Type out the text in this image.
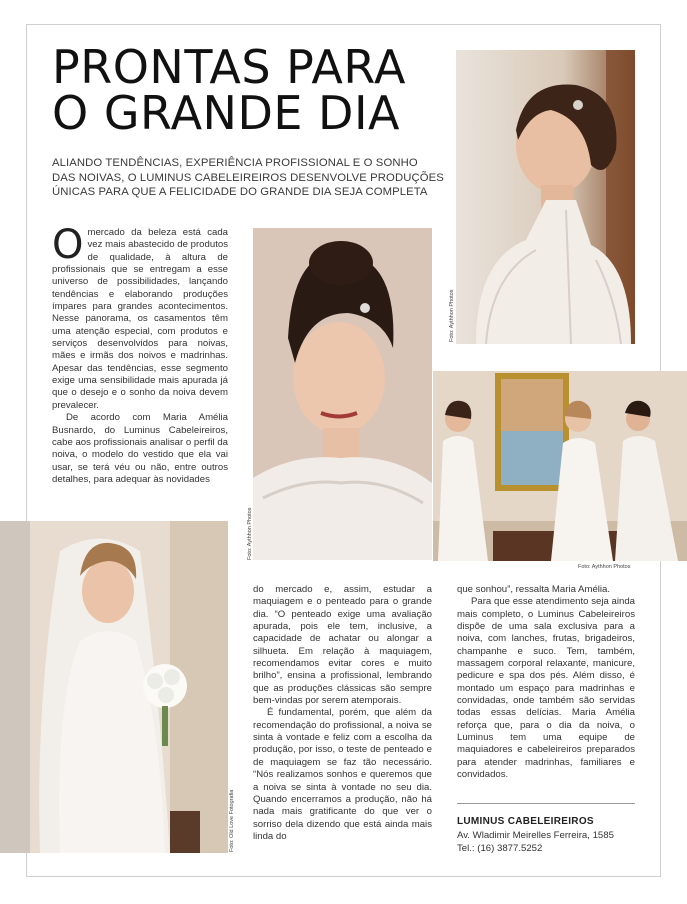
PRONTAS PARA
O GRANDE DIA

ALIANDO TENDÊNCIAS, EXPERIÊNCIA PROFISSIONAL E O SONHO
DAS NOIVAS, O LUMINUS CABELEIREIROS DESENVOLVE PRODUÇÕES
ÚNICAS PARA QUE A FELICIDADE DO GRANDE DIA SEJA COMPLETA

Foto: Aythhon Photos
Foto: Aythhon Photos
Foto: Aythhon Photos
Foto: Old Love Fotografia

Omercado da beleza está cada vez mais abastecido de produtos de qualidade, à altura de profissionais que se entregam a esse universo de possibilidades, lançando tendências e elaborando produções ímpares para grandes acontecimentos. Nesse panorama, os casamentos têm uma atenção especial, com produtos e serviços desenvolvidos para noivas, mães e irmãs dos noivos e madrinhas. Apesar das tendências, esse segmento exige uma sensibilidade mais apurada já que o desejo e o sonho da noiva devem prevalecer.

De acordo com Maria Amélia Busnardo, do Luminus Cabeleireiros, cabe aos profissionais analisar o perfil da noiva, o modelo do vestido que ela vai usar, se terá véu ou não, entre outros detalhes, para adequar às novidades

do mercado e, assim, estudar a maquiagem e o penteado para o grande dia. “O penteado exige uma avaliação apurada, pois ele tem, inclusive, a capacidade de achatar ou alongar a silhueta. Em relação à maquiagem, recomendamos evitar cores e muito brilho”, ensina a profissional, lembrando que as produções clássicas são sempre bem-vindas por serem atemporais.

É fundamental, porém, que além da recomendação do profissional, a noiva se sinta à vontade e feliz com a escolha da produção, por isso, o teste de penteado e de maquiagem se faz tão necessário. “Nós realizamos sonhos e queremos que a noiva se sinta à vontade no seu dia. Quando encerramos a produção, não há nada mais gratificante do que ver o sorriso dela dizendo que está ainda mais linda do

que sonhou”, ressalta Maria Amélia.

Para que esse atendimento seja ainda mais completo, o Luminus Cabeleireiros dispõe de uma sala exclusiva para a noiva, com lanches, frutas, brigadeiros, champanhe e suco. Tem, também, massagem corporal relaxante, manicure, pedicure e spa dos pés. Além disso, é montado um espaço para madrinhas e convidadas, onde também são servidas todas essas delícias. Maria Amélia reforça que, para o dia da noiva, o Luminus tem uma equipe de maquiadores e cabeleireiros preparados para atender madrinhas, familiares e convidados.

LUMINUS CABELEIREIROS

Av. Wladimir Meirelles Ferreira, 1585
Tel.: (16) 3877.5252
